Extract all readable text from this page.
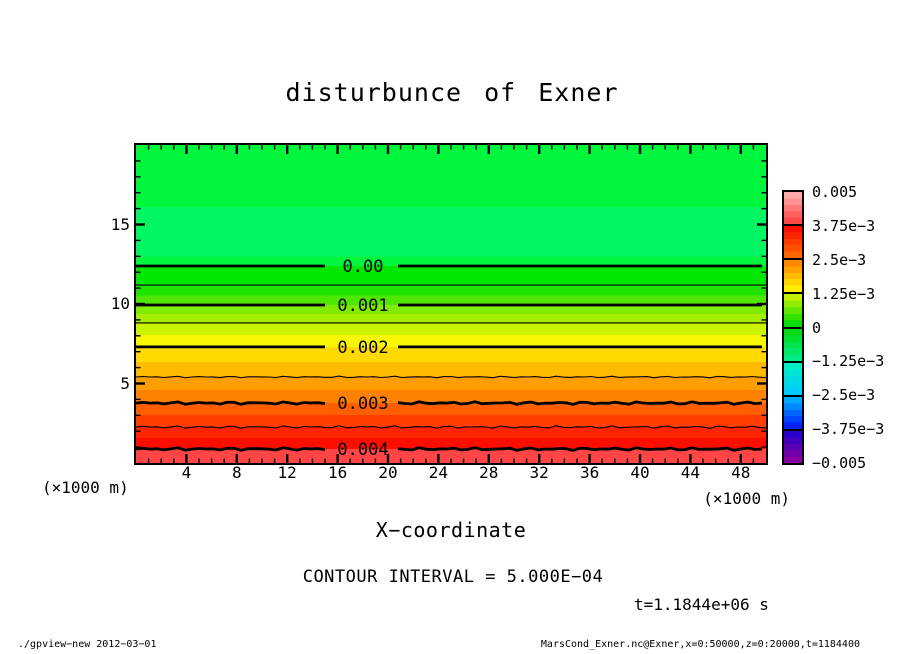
disturbunce of Exner
(×1000 m)
0.00
0.001
0.002
0.003
0.004
5
10
15
4	8	12	16	20	24	28	32	36	40	44	48
(×1000 m)
X−coordinate
CONTOUR INTERVAL = 5.000E−04
t=1.1844e+06 s
0.005
3.75e−3
2.5e−3
1.25e−3
0
−1.25e−3
−2.5e−3
−3.75e−3
−0.005
./gpview−new 2012−03−01	MarsCond_Exner.nc@Exner,x=0:50000,z=0:20000,t=1184400
